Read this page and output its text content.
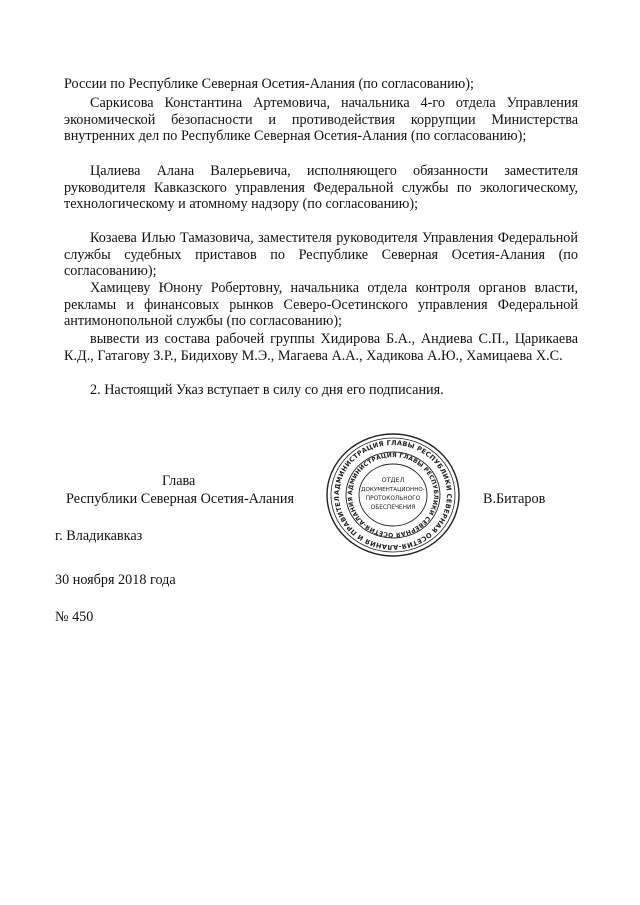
России по Республике Северная Осетия-Алания (по согласованию);

Саркисова Константина Артемовича, начальника 4-го отдела Управления экономической безопасности и противодействия коррупции Министерства внутренних дел по Республике Северная Осетия-Алания (по согласованию);

Цалиева Алана Валерьевича, исполняющего обязанности заместителя руководителя Кавказского управления Федеральной службы по экологическому, технологическому и атомному надзору (по согласованию);

Козаева Илью Тамазовича, заместителя руководителя Управления Федеральной службы судебных приставов по Республике Северная Осетия-Алания (по согласованию);

Хамицеву Юнону Робертовну, начальника отдела контроля органов власти, рекламы и финансовых рынков Северо-Осетинского управления Федеральной антимонопольной службы (по согласованию);

вывести из состава рабочей группы Хидирова Б.А., Андиева С.П., Царикаева К.Д., Гатагову З.Р., Бидихову М.Э., Магаева А.А., Хадикова А.Ю., Хамицаева Х.С.

2. Настоящий Указ вступает в силу со дня его подписания.

Глава
Республики Северная Осетия-Алания	В.Битаров
г. Владикавказ
30 ноября 2018 года
№ 450
АДМИНИСТРАЦИЯ ГЛАВЫ РЕСПУБЛИКИ СЕВЕРНАЯ ОСЕТИЯ-АЛАНИЯ И ПРАВИТЕЛ
АДМИНИСТРАЦИЯ ГЛАВЫ РЕСПУБЛИКИ СЕВЕРНАЯ ОСЕТИЯ-АЛАНИЯ
ОТДЕЛ
ДОКУМЕНТАЦИОННО-
ПРОТОКОЛЬНОГО
ОБЕСПЕЧЕНИЯ
